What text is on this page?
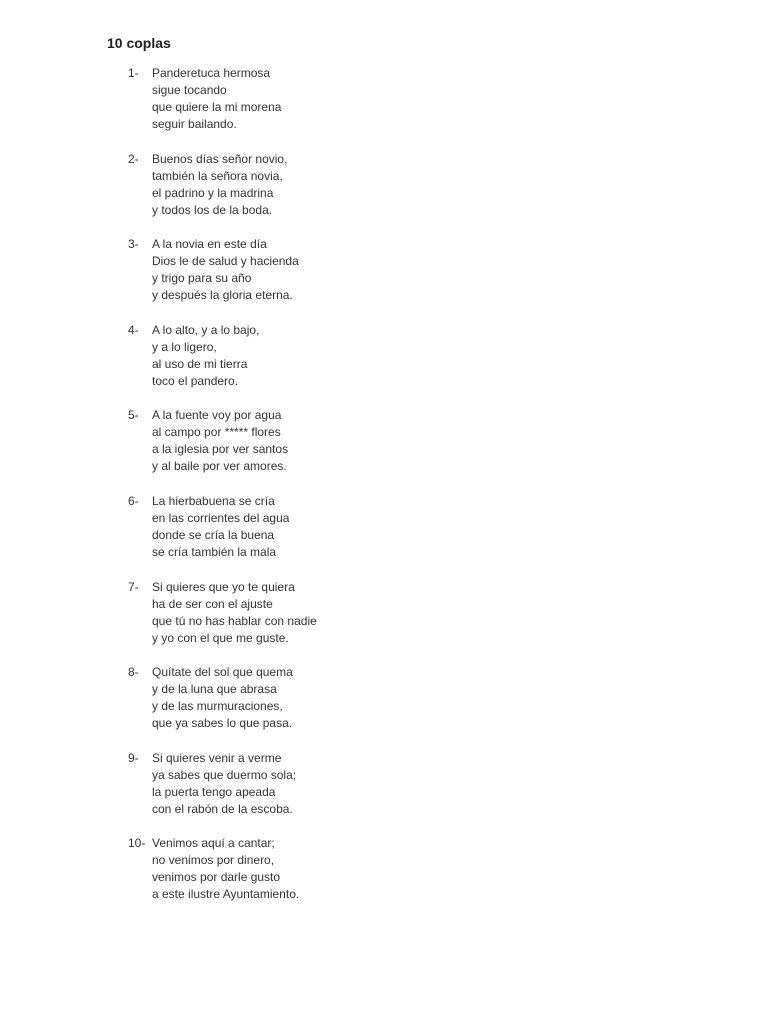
10 coplas
1- Panderetuca hermosa
sigue tocando
que quiere la mi morena
seguir bailando.
2- Buenos días señor novio,
también la señora novia,
el padrino y la madrina
y todos los de la boda.
3- A la novia en este día
Dios le de salud y hacienda
y trigo para su año
y después la gloria eterna.
4- A lo alto, y a lo bajo,
y a lo ligero,
al uso de mi tierra
toco el pandero.
5- A la fuente voy por agua
al campo por ***** flores
a la iglesia por ver santos
y al baile por ver amores.
6- La hierbabuena se cría
en las corrientes del agua
donde se cría la buena
se cría también la mala
7- Si quieres que yo te quiera
ha de ser con el ajuste
que tú no has hablar con nadie
y yo con el que me guste.
8- Quítate del sol que quema
y de la luna que abrasa
y de las murmuraciones,
que ya sabes lo que pasa.
9- Si quieres venir a verme
ya sabes que duermo sola;
la puerta tengo apeada
con el rabón de la escoba.
10- Venimos aquí a cantar;
no venimos por dinero,
venimos por darle gusto
a este ilustre Ayuntamiento.
